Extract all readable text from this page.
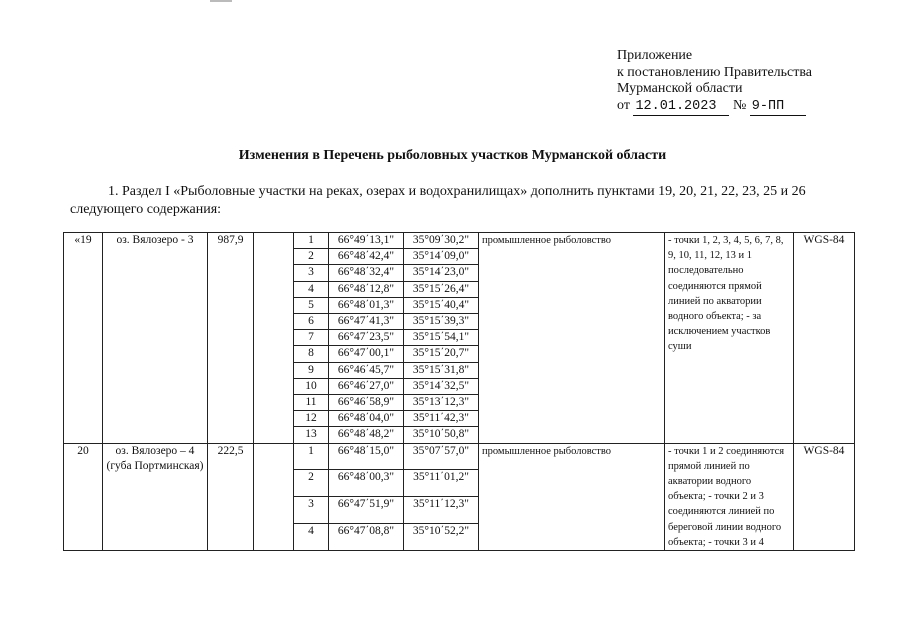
Приложение
к постановлению Правительства
Мурманской области
от 12.01.2023 № 9-ПП
Изменения в Перечень рыболовных участков Мурманской области
1. Раздел I «Рыболовные участки на реках, озерах и водохранилищах» дополнить пунктами 19, 20, 21, 22, 23, 25 и 26 следующего содержания:
«19	оз. Вялозеро - 3	987,9		1	66°49΄13,1"	35°09΄30,2"	промышленное рыболовство	- точки 1, 2, 3, 4, 5, 6, 7, 8, 9, 10, 11, 12, 13 и 1 последовательно соединяются прямой линией по акватории водного объекта; - за исключением участков суши	WGS-84
				2	66°48΄42,4"	35°14΄09,0"			
				3	66°48΄32,4"	35°14΄23,0"			
				4	66°48΄12,8"	35°15΄26,4"			
				5	66°48΄01,3"	35°15΄40,4"			
				6	66°47΄41,3"	35°15΄39,3"			
				7	66°47΄23,5"	35°15΄54,1"			
				8	66°47΄00,1"	35°15΄20,7"			
				9	66°46΄45,7"	35°15΄31,8"			
				10	66°46΄27,0"	35°14΄32,5"			
				11	66°46΄58,9"	35°13΄12,3"			
				12	66°48΄04,0"	35°11΄42,3"			
				13	66°48΄48,2"	35°10΄50,8"			
20	оз. Вялозеро – 4 (губа Портминская)	222,5		1	66°48΄15,0"	35°07΄57,0"	промышленное рыболовство	- точки 1 и 2 соединяются прямой линией по акватории водного объекта; - точки 2 и 3 соединяются линией по береговой линии водного объекта; - точки 3 и 4	WGS-84
				2	66°48΄00,3"	35°11΄01,2"			
				3	66°47΄51,9"	35°11΄12,3"			
				4	66°47΄08,8"	35°10΄52,2"			
